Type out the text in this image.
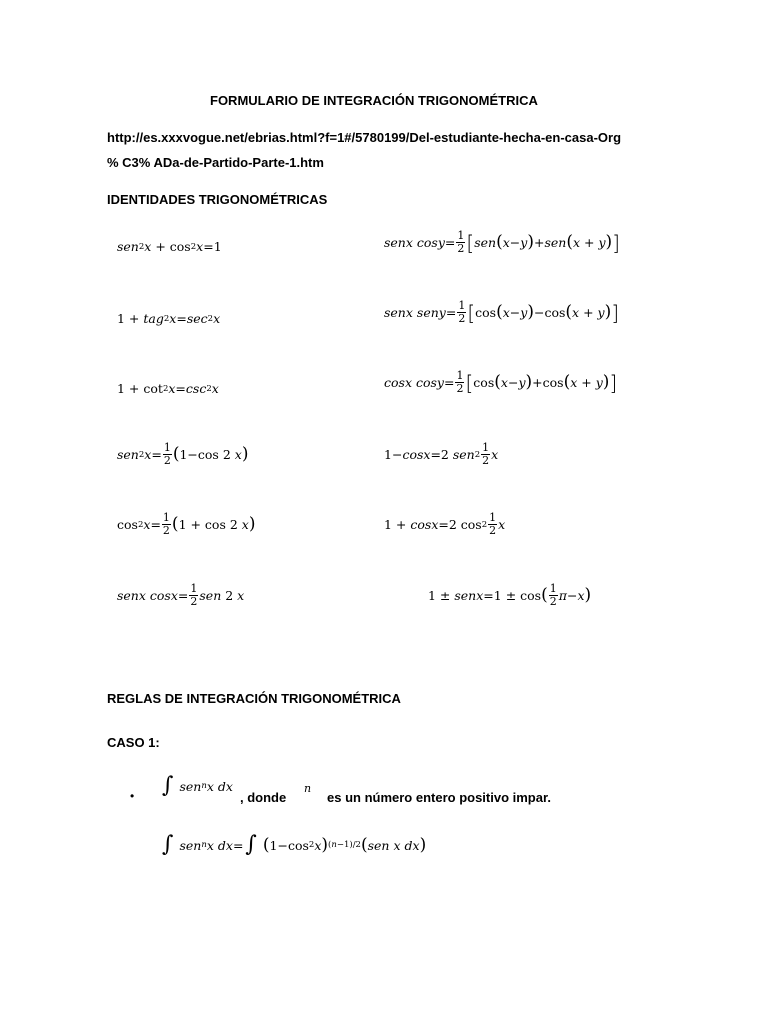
FORMULARIO DE INTEGRACIÓN TRIGONOMÉTRICA
http://es.xxxvogue.net/ebrias.html?f=1#/5780199/Del-estudiante-hecha-en-casa-Org
% C3% ADa-de-Partido-Parte-1.htm
IDENTIDADES TRIGONOMÉTRICAS
sen 2 x + cos 2 x =1
1 + tag 2 x = sec 2 x
1 + cot 2 x = csc 2 x
sen 2 $x = \frac{1}{2}$ ( 1−cos 2 x )
cos 2 $x = \frac{1}{2}$ ( 1 + cos 2 x )
senx
$\cos x = \frac{1}{2}$ sen 2 x
senx
$\cos y = \frac{1}{2}$ [ sen ( x − y ) + sen ( x + y ) ]
senx
seny = $\frac{1}{2}$ [ cos ( x − y ) −cos ( x + y ) ]
cosx
$\cos y = \frac{1}{2}$ [ cos ( x − y ) +cos ( x + y ) ]
1− cosx =2 sen $2 \frac{1}{2}$ x
1 + cosx =2 $\cos 2 \frac{1}{2}$ x
1 ± senx =1 ± cos ( $\frac{1}{2}$ π − x )
REGLAS DE INTEGRACIÓN TRIGONOMÉTRICA
CASO 1:
• ∫ sen n x
dx
, donde
n
es un número entero positivo impar.
∫ sen n x
dx = ∫ ( 1−cos 2 x ) (n−1)/2 ( sen
x
dx )
